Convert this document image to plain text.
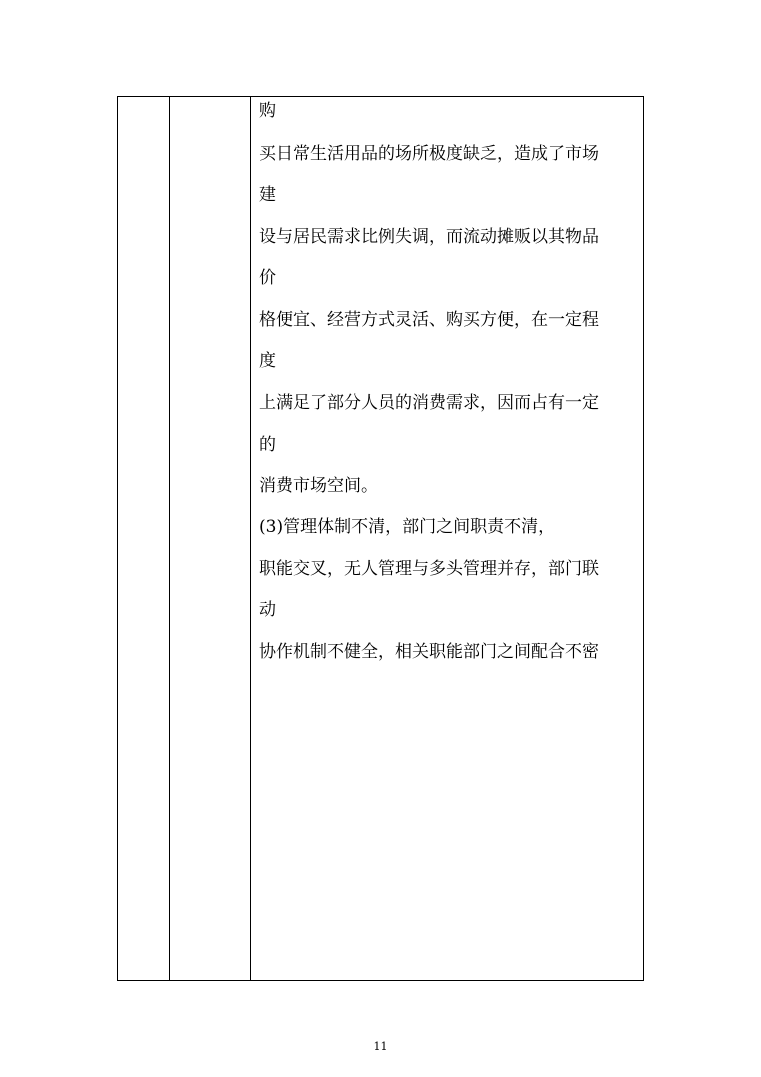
购
买日常生活用品的场所极度缺乏，造成了市场
建
设与居民需求比例失调，而流动摊贩以其物品
价
格便宜、经营方式灵活、购买方便，在一定程
度
上满足了部分人员的消费需求，因而占有一定
的
消费市场空间。
(3)管理体制不清，部门之间职责不清，
职能交叉，无人管理与多头管理并存，部门联
动
协作机制不健全，相关职能部门之间配合不密
11
